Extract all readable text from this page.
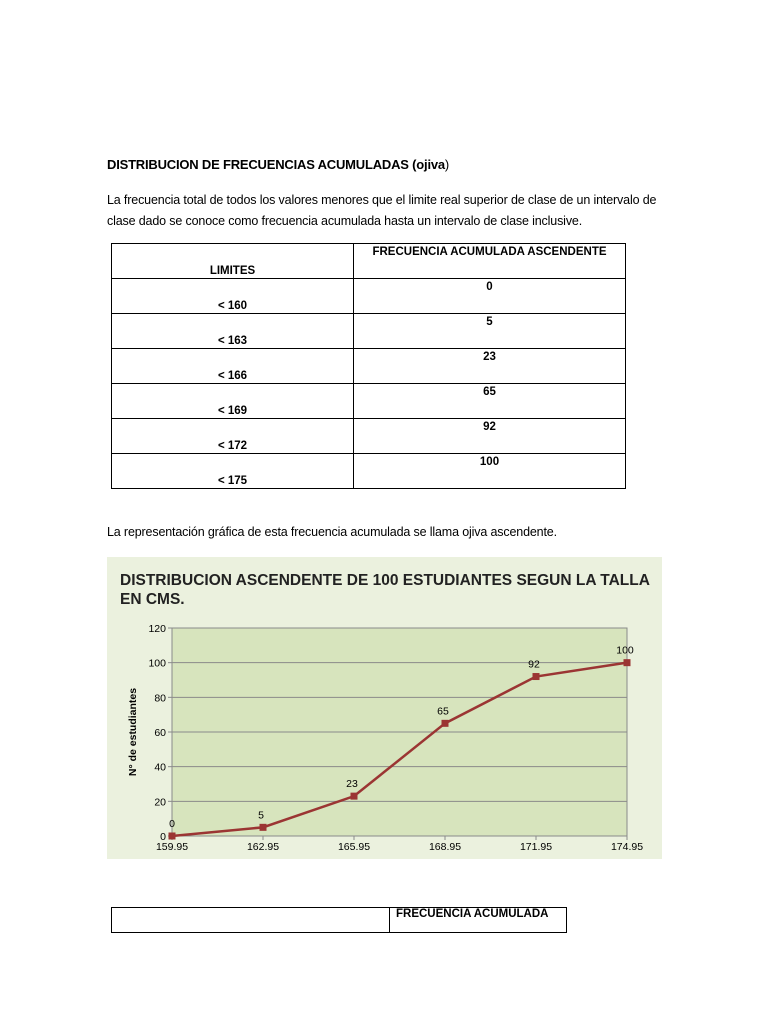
DISTRIBUCION DE FRECUENCIAS ACUMULADAS (ojiva)
La frecuencia total de todos los valores menores que el limite real superior de clase de un intervalo de clase dado se conoce como frecuencia acumulada hasta un intervalo de clase inclusive.
LIMITES	FRECUENCIA ACUMULADA ASCENDENTE

< 160	0

< 163	5

< 166	23

< 169	65

< 172	92

< 175	100
La representación gráfica de esta frecuencia acumulada se llama ojiva ascendente.
DISTRIBUCION ASCENDENTE DE 100 ESTUDIANTES SEGUN LA TALLA EN CMS.
0
20
40
60
80
100
120
159.95	162.95	165.95	168.95	171.95	174.95
N° de estudiantes
0
5
23
65
92
100
	FRECUENCIA ACUMULADA
